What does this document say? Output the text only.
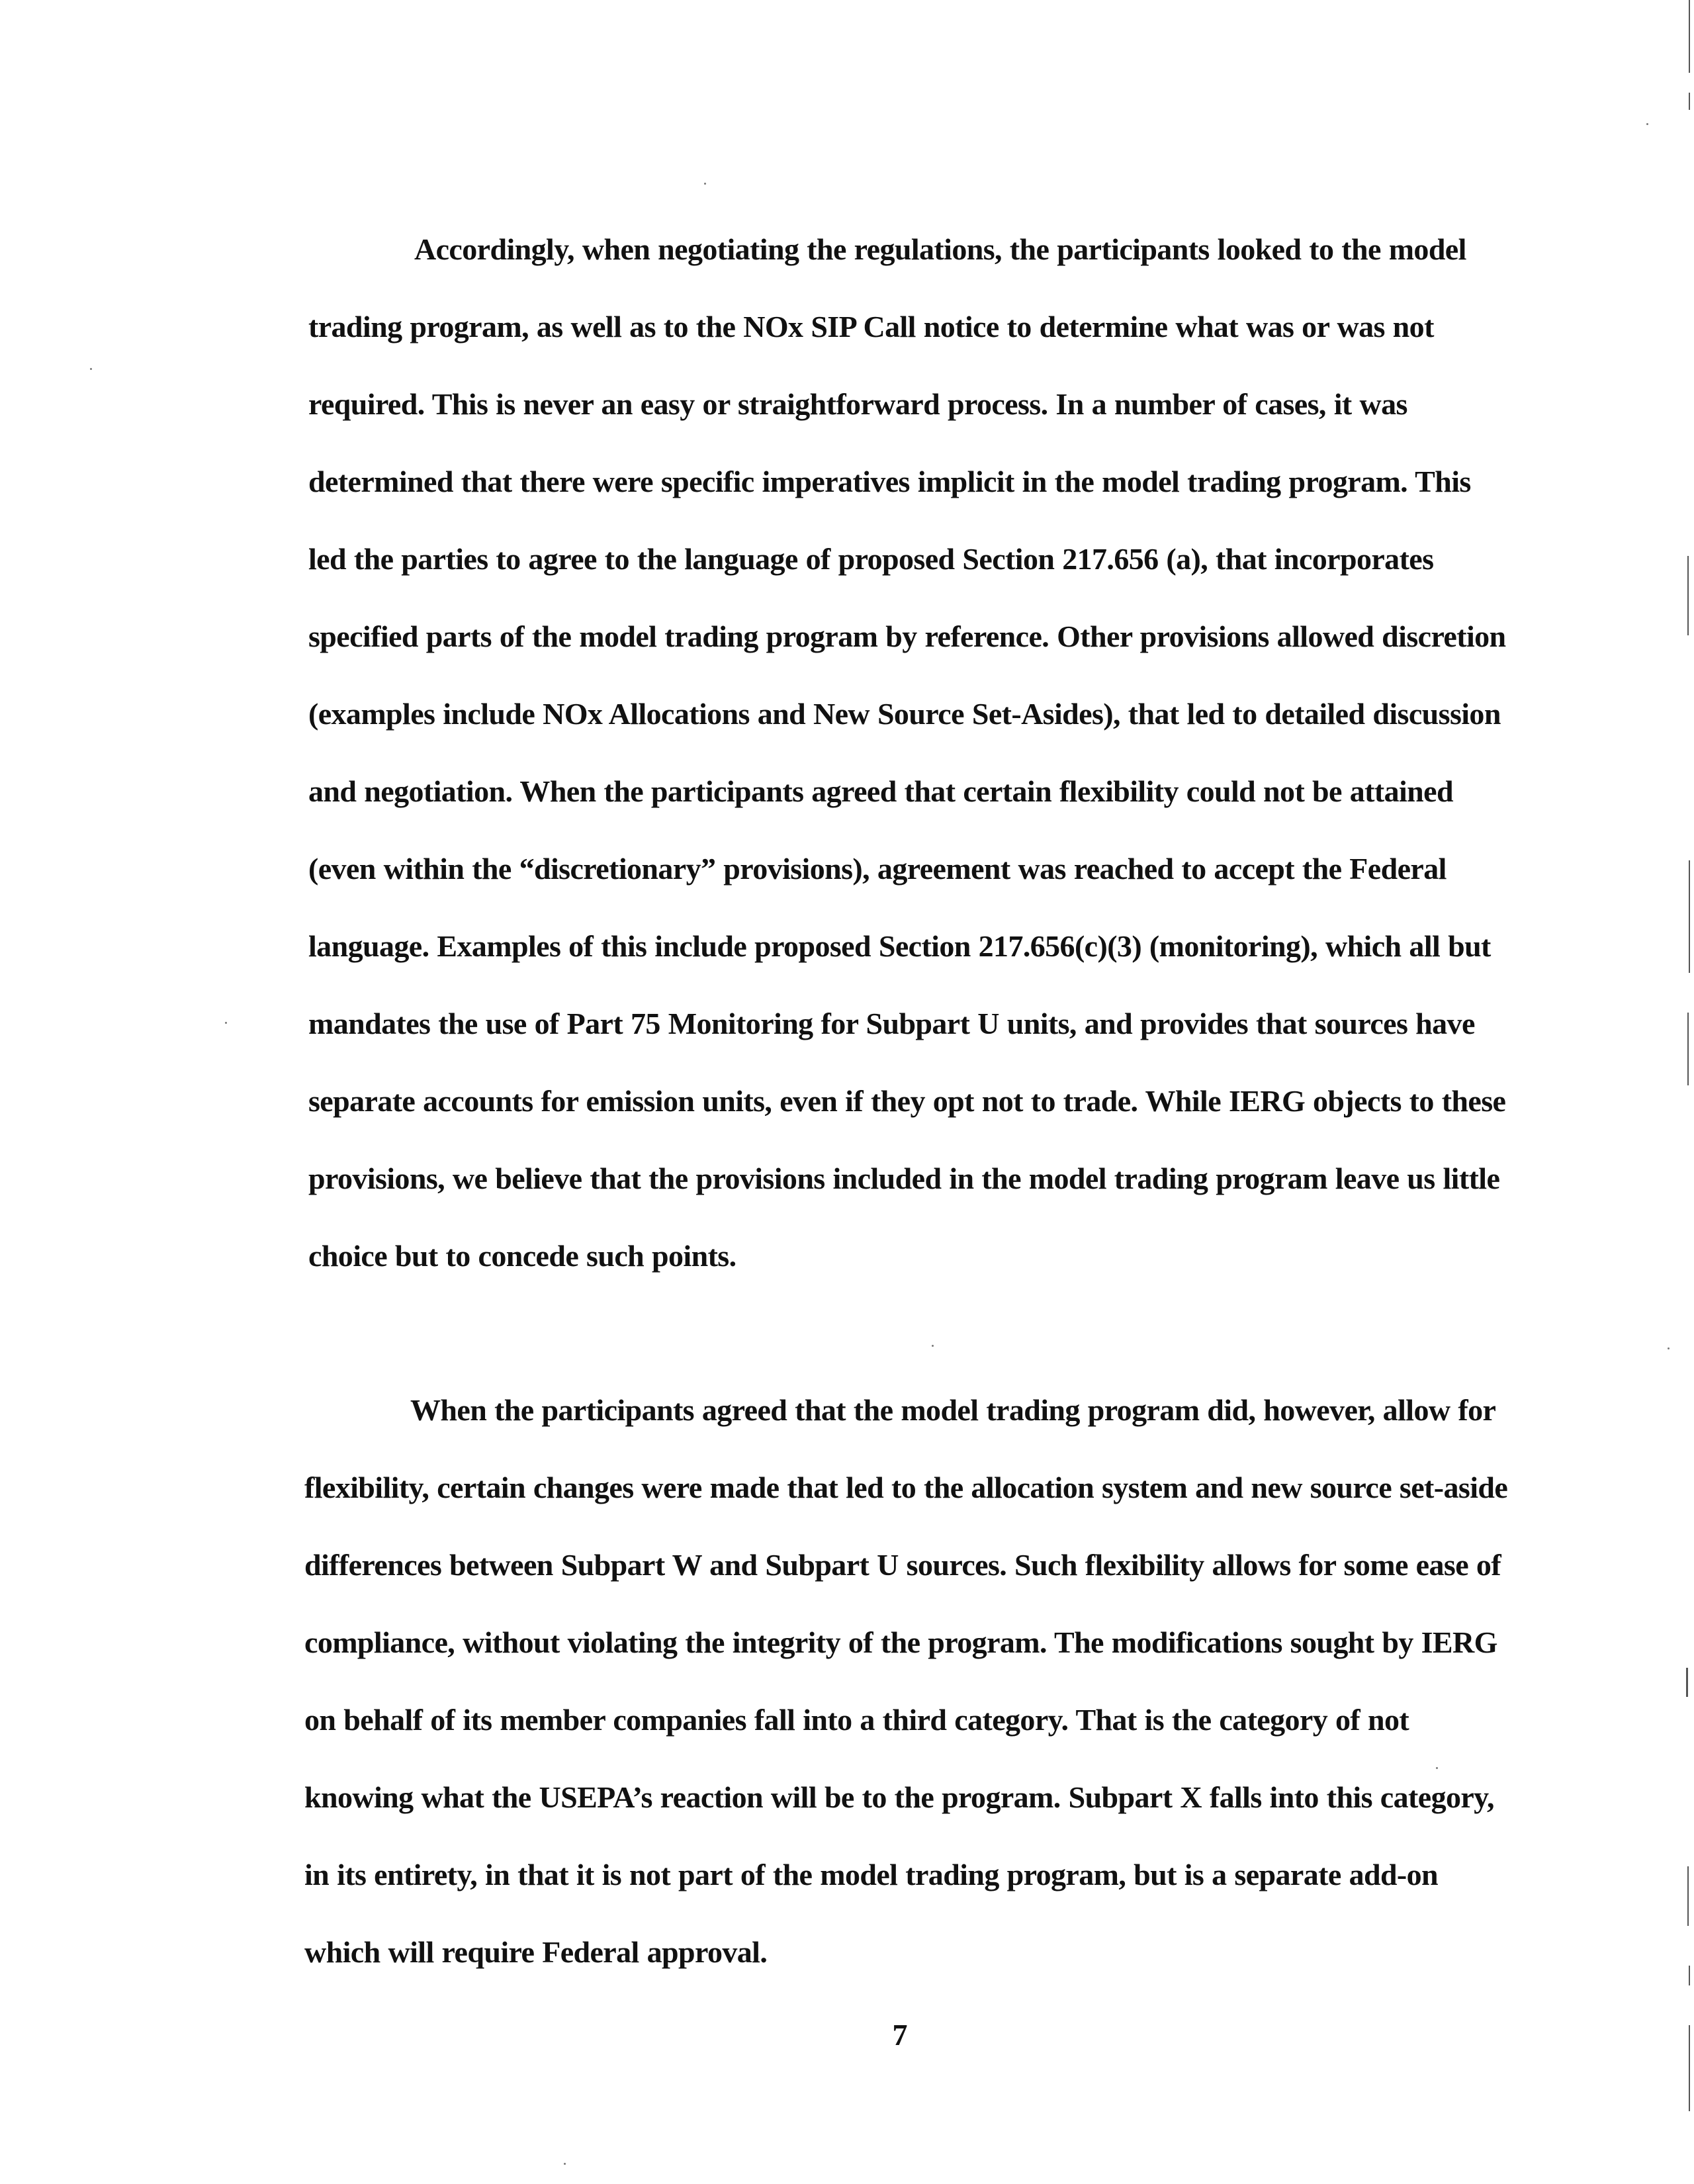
Accordingly, when negotiating the regulations, the participants looked to the model trading program, as well as to the NOx SIP Call notice to determine what was or was not required. This is never an easy or straightforward process. In a number of cases, it was determined that there were specific imperatives implicit in the model trading program. This led the parties to agree to the language of proposed Section 217.656 (a), that incorporates specified parts of the model trading program by reference. Other provisions allowed discretion (examples include NOx Allocations and New Source Set-Asides), that led to detailed discussion and negotiation. When the participants agreed that certain flexibility could not be attained (even within the “discretionary” provisions), agreement was reached to accept the Federal language. Examples of this include proposed Section 217.656(c)(3) (monitoring), which all but mandates the use of Part 75 Monitoring for Subpart U units, and provides that sources have separate accounts for emission units, even if they opt not to trade. While IERG objects to these provisions, we believe that the provisions included in the model trading program leave us little choice but to concede such points.

When the participants agreed that the model trading program did, however, allow for flexibility, certain changes were made that led to the allocation system and new source set-aside differences between Subpart W and Subpart U sources. Such flexibility allows for some ease of compliance, without violating the integrity of the program. The modifications sought by IERG on behalf of its member companies fall into a third category. That is the category of not knowing what the USEPA’s reaction will be to the program. Subpart X falls into this category, in its entirety, in that it is not part of the model trading program, but is a separate add-on which will require Federal approval.

7
